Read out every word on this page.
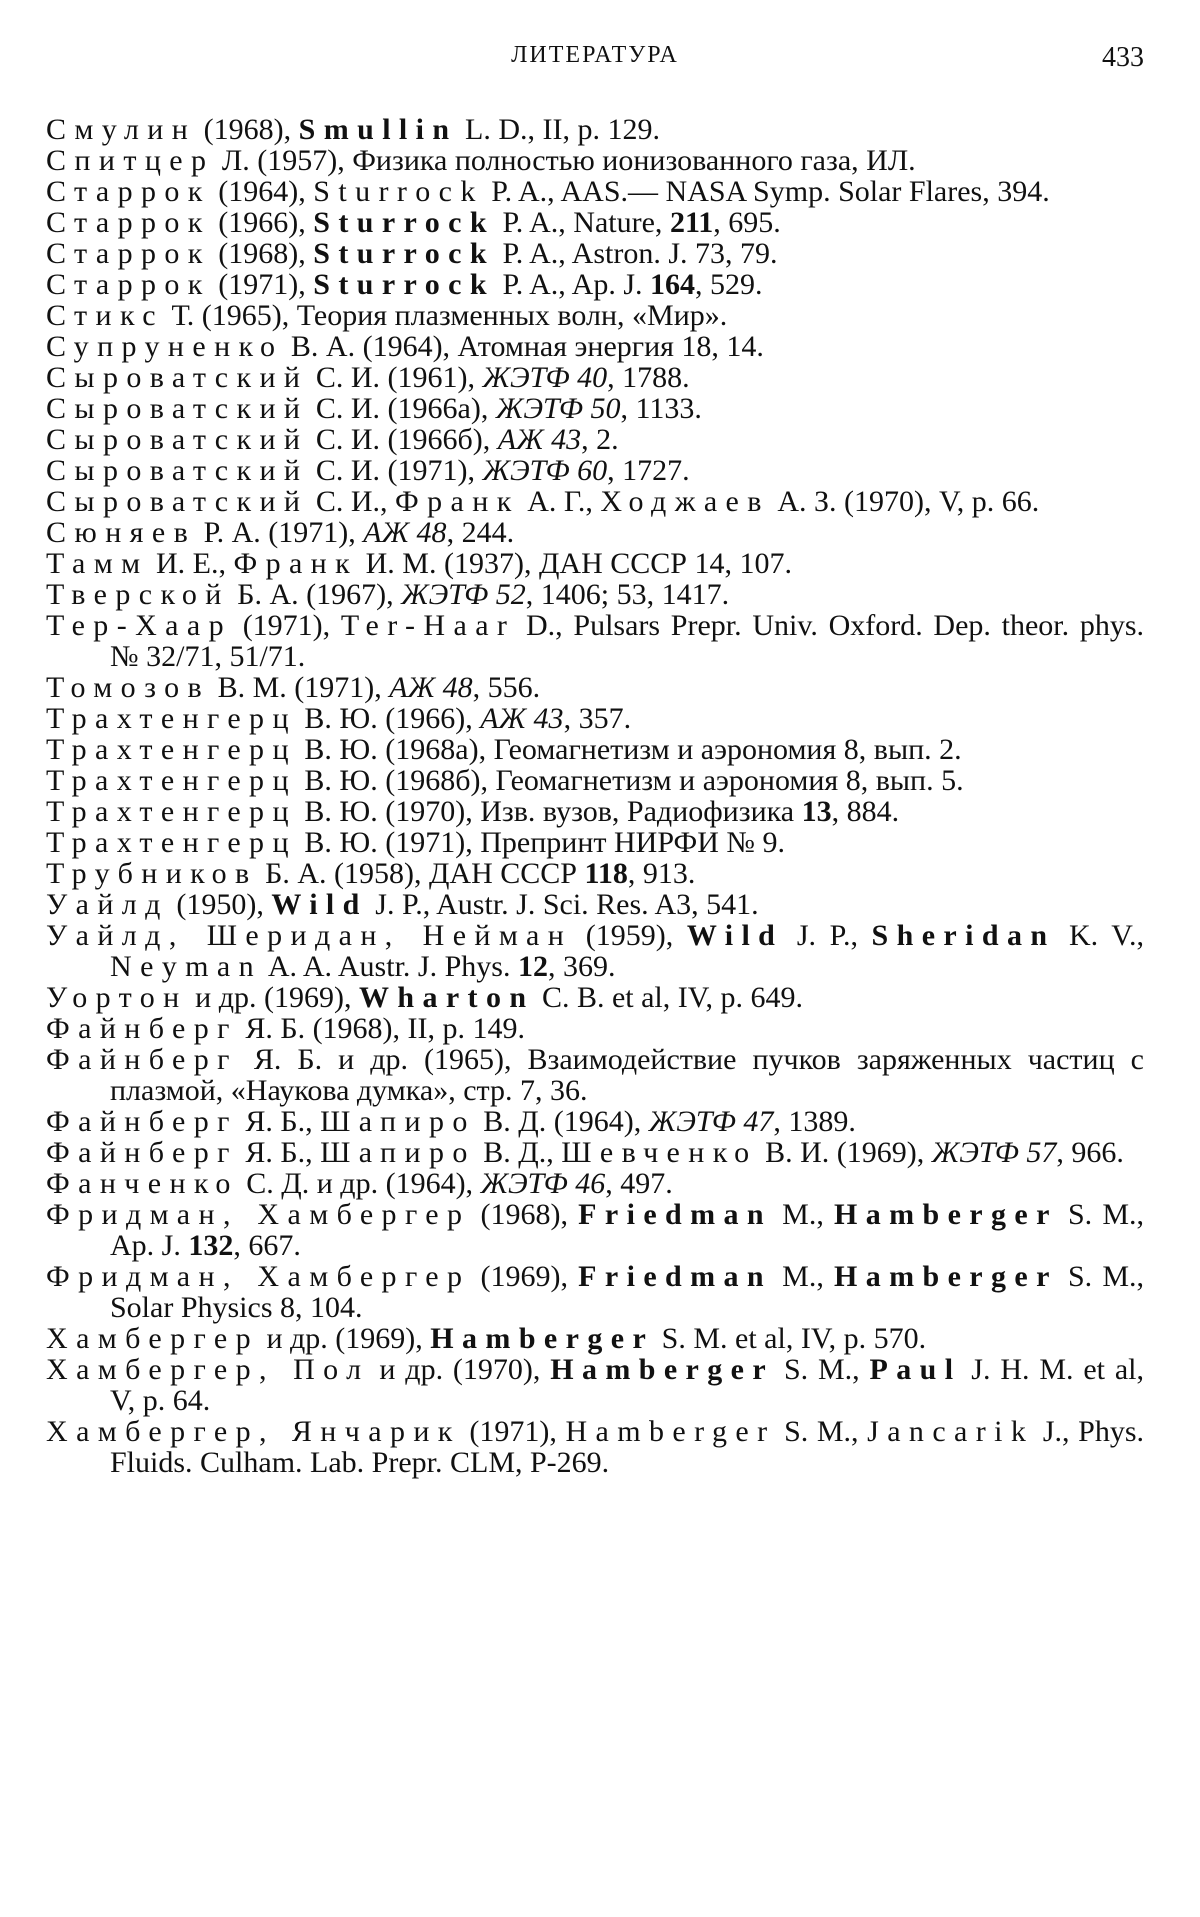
ЛИТЕРАТУРА	433

Смулин (1968), Smullin L. D., II, p. 129.

Спитцер Л. (1957), Физика полностью ионизованного газа, ИЛ.

Старрок (1964), Sturrock P. A., AAS.— NASA Symp. Solar Flares, 394.

Старрок (1966), Sturrock P. A., Nature, 211, 695.

Старрок (1968), Sturrock P. A., Astron. J. 73, 79.

Старрок (1971), Sturrock P. A., Ap. J. 164, 529.

Стикс Т. (1965), Теория плазменных волн, «Мир».

Супруненко В. А. (1964), Атомная энергия 18, 14.

Сыроватский С. И. (1961), ЖЭТФ 40, 1788.

Сыроватский С. И. (1966а), ЖЭТФ 50, 1133.

Сыроватский С. И. (1966б), АЖ 43, 2.

Сыроватский С. И. (1971), ЖЭТФ 60, 1727.

Сыроватский С. И., Франк А. Г., Ходжаев А. З. (1970), V, p. 66.

Сюняев Р. А. (1971), АЖ 48, 244.

Тамм И. Е., Франк И. М. (1937), ДАН СССР 14, 107.

Тверской Б. А. (1967), ЖЭТФ 52, 1406; 53, 1417.

Тер-Хаар (1971), Ter-Haar D., Pulsars Prepr. Univ. Oxford. Dep. theor. phys. № 32/71, 51/71.

Томозов В. М. (1971), АЖ 48, 556.

Трахтенгерц В. Ю. (1966), АЖ 43, 357.

Трахтенгерц В. Ю. (1968а), Геомагнетизм и аэрономия 8, вып. 2.

Трахтенгерц В. Ю. (1968б), Геомагнетизм и аэрономия 8, вып. 5.

Трахтенгерц В. Ю. (1970), Изв. вузов, Радиофизика 13, 884.

Трахтенгерц В. Ю. (1971), Препринт НИРФИ № 9.

Трубников Б. А. (1958), ДАН СССР 118, 913.

Уайлд (1950), Wild J. P., Austr. J. Sci. Res. A3, 541.

Уайлд, Шеридан, Нейман (1959), Wild J. P., Sheridan K. V., Neyman A. A. Austr. J. Phys. 12, 369.

Уортон и др. (1969), Wharton C. B. et al, IV, p. 649.

Файнберг Я. Б. (1968), II, p. 149.

Файнберг Я. Б. и др. (1965), Взаимодействие пучков заряженных частиц с плазмой, «Наукова думка», стр. 7, 36.

Файнберг Я. Б., Шапиро В. Д. (1964), ЖЭТФ 47, 1389.

Файнберг Я. Б., Шапиро В. Д., Шевченко В. И. (1969), ЖЭТФ 57, 966.

Фанченко С. Д. и др. (1964), ЖЭТФ 46, 497.

Фридман, Хамбергер (1968), Friedman M., Hamberger S. M., Ap. J. 132, 667.

Фридман, Хамбергер (1969), Friedman M., Hamberger S. M., Solar Physics 8, 104.

Хамбергер и др. (1969), Hamberger S. M. et al, IV, p. 570.

Хамбергер, Пол и др. (1970), Hamberger S. M., Paul J. H. M. et al, V, p. 64.

Хамбергер, Янчарик (1971), Hamberger S. M., Jancarik J., Phys. Fluids. Culham. Lab. Prepr. CLM, P-269.
